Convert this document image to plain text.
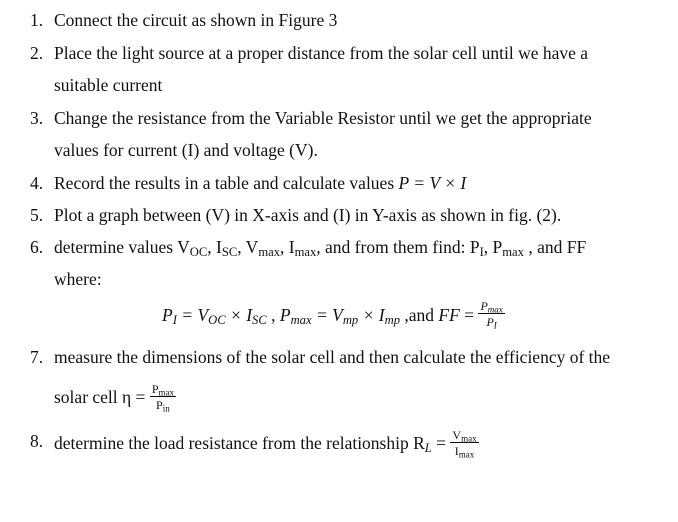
1. Connect the circuit as shown in Figure 3
2. Place the light source at a proper distance from the solar cell until we have a
suitable current
3. Change the resistance from the Variable Resistor until we get the appropriate
values for current (I) and voltage (V).
4. Record the results in a table and calculate values P = V × I
5. Plot a graph between (V) in X-axis and (I) in Y-axis as shown in fig. (2).
6. determine values $V_{OC}$, $I_{SC}$, $V_{max}$, $I_{max}$, and from them find: $P_I$, $P_{max}$ , and FF
where:
$P_I = V_{OC} \times I_{SC}$ , $P_{max} = V_{mp} \times I_{mp}$ ,and FF = $\frac{P_{max}}{P_I}$
7. measure the dimensions of the solar cell and then calculate the efficiency of the
solar cell $\eta = \frac{P_{max}}{P_{in}}$
8. determine the load resistance from the relationship $R_L = \frac{V_{max}}{I_{max}}$
